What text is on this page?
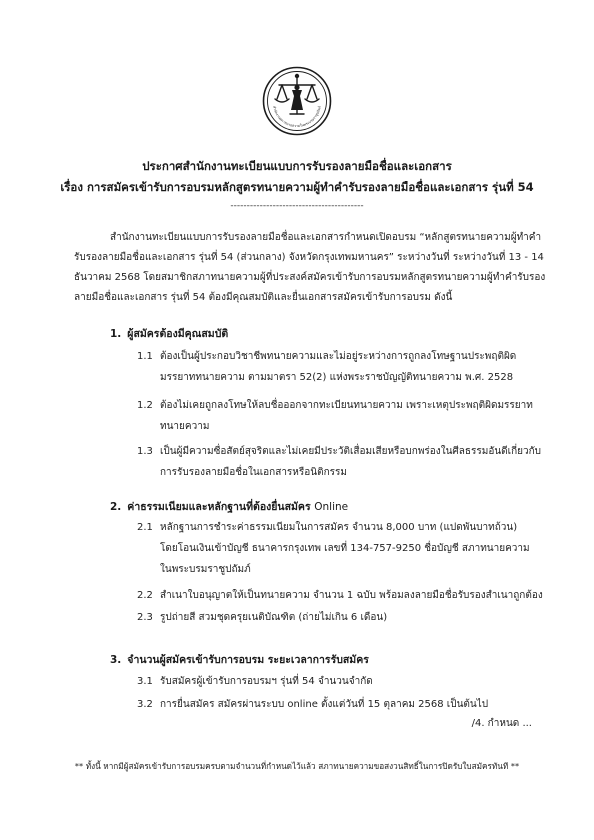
สำนักงานสภาทนายความในพระบรมราชูปถัมภ์
ประกาศสำนักงานทะเบียนแบบการรับรองลายมือชื่อและเอกสาร
เรื่อง การสมัครเข้ารับการอบรมหลักสูตรทนายความผู้ทำคำรับรองลายมือชื่อและเอกสาร รุ่นที่ 54
-----------------------------------------
สำนักงานทะเบียนแบบการรับรองลายมือชื่อและเอกสารกำหนดเปิดอบรม “หลักสูตรทนายความผู้ทำคำ
รับรองลายมือชื่อและเอกสาร รุ่นที่ 54 (ส่วนกลาง) จังหวัดกรุงเทพมหานคร” ระหว่างวันที่ ระหว่างวันที่ 13 - 14
ธันวาคม 2568 โดยสมาชิกสภาทนายความผู้ที่ประสงค์สมัครเข้ารับการอบรมหลักสูตรทนายความผู้ทำคำรับรอง
ลายมือชื่อและเอกสาร รุ่นที่ 54 ต้องมีคุณสมบัติและยื่นเอกสารสมัครเข้ารับการอบรม ดังนี้
1. ผู้สมัครต้องมีคุณสมบัติ
1.1 ต้องเป็นผู้ประกอบวิชาชีพทนายความและไม่อยู่ระหว่างการถูกลงโทษฐานประพฤติผิด
มรรยาททนายความ ตามมาตรา 52(2) แห่งพระราชบัญญัติทนายความ พ.ศ. 2528
1.2 ต้องไม่เคยถูกลงโทษให้ลบชื่อออกจากทะเบียนทนายความ เพราะเหตุประพฤติผิดมรรยาท
ทนายความ
1.3 เป็นผู้มีความซื่อสัตย์สุจริตและไม่เคยมีประวัติเสื่อมเสียหรือบกพร่องในศีลธรรมอันดีเกี่ยวกับ
การรับรองลายมือชื่อในเอกสารหรือนิติกรรม
2. ค่าธรรมเนียมและหลักฐานที่ต้องยื่นสมัคร Online
2.1 หลักฐานการชำระค่าธรรมเนียมในการสมัคร จำนวน 8,000 บาท (แปดพันบาทถ้วน)
โดยโอนเงินเข้าบัญชี ธนาคารกรุงเทพ เลขที่ 134-757-9250 ชื่อบัญชี สภาทนายความ
ในพระบรมราชูปถัมภ์
2.2 สำเนาใบอนุญาตให้เป็นทนายความ จำนวน 1 ฉบับ พร้อมลงลายมือชื่อรับรองสำเนาถูกต้อง
2.3 รูปถ่ายสี สวมชุดครุยเนติบัณฑิต (ถ่ายไม่เกิน 6 เดือน)
3. จำนวนผู้สมัครเข้ารับการอบรม ระยะเวลาการรับสมัคร
3.1 รับสมัครผู้เข้ารับการอบรมฯ รุ่นที่ 54 จำนวนจำกัด
3.2 การยื่นสมัคร สมัครผ่านระบบ online ตั้งแต่วันที่ 15 ตุลาคม 2568 เป็นต้นไป
/4. กำหนด ...
** ทั้งนี้ หากมีผู้สมัครเข้ารับการอบรมครบตามจำนวนที่กำหนดไว้แล้ว สภาทนายความขอสงวนสิทธิ์ในการปิดรับใบสมัครทันที **
